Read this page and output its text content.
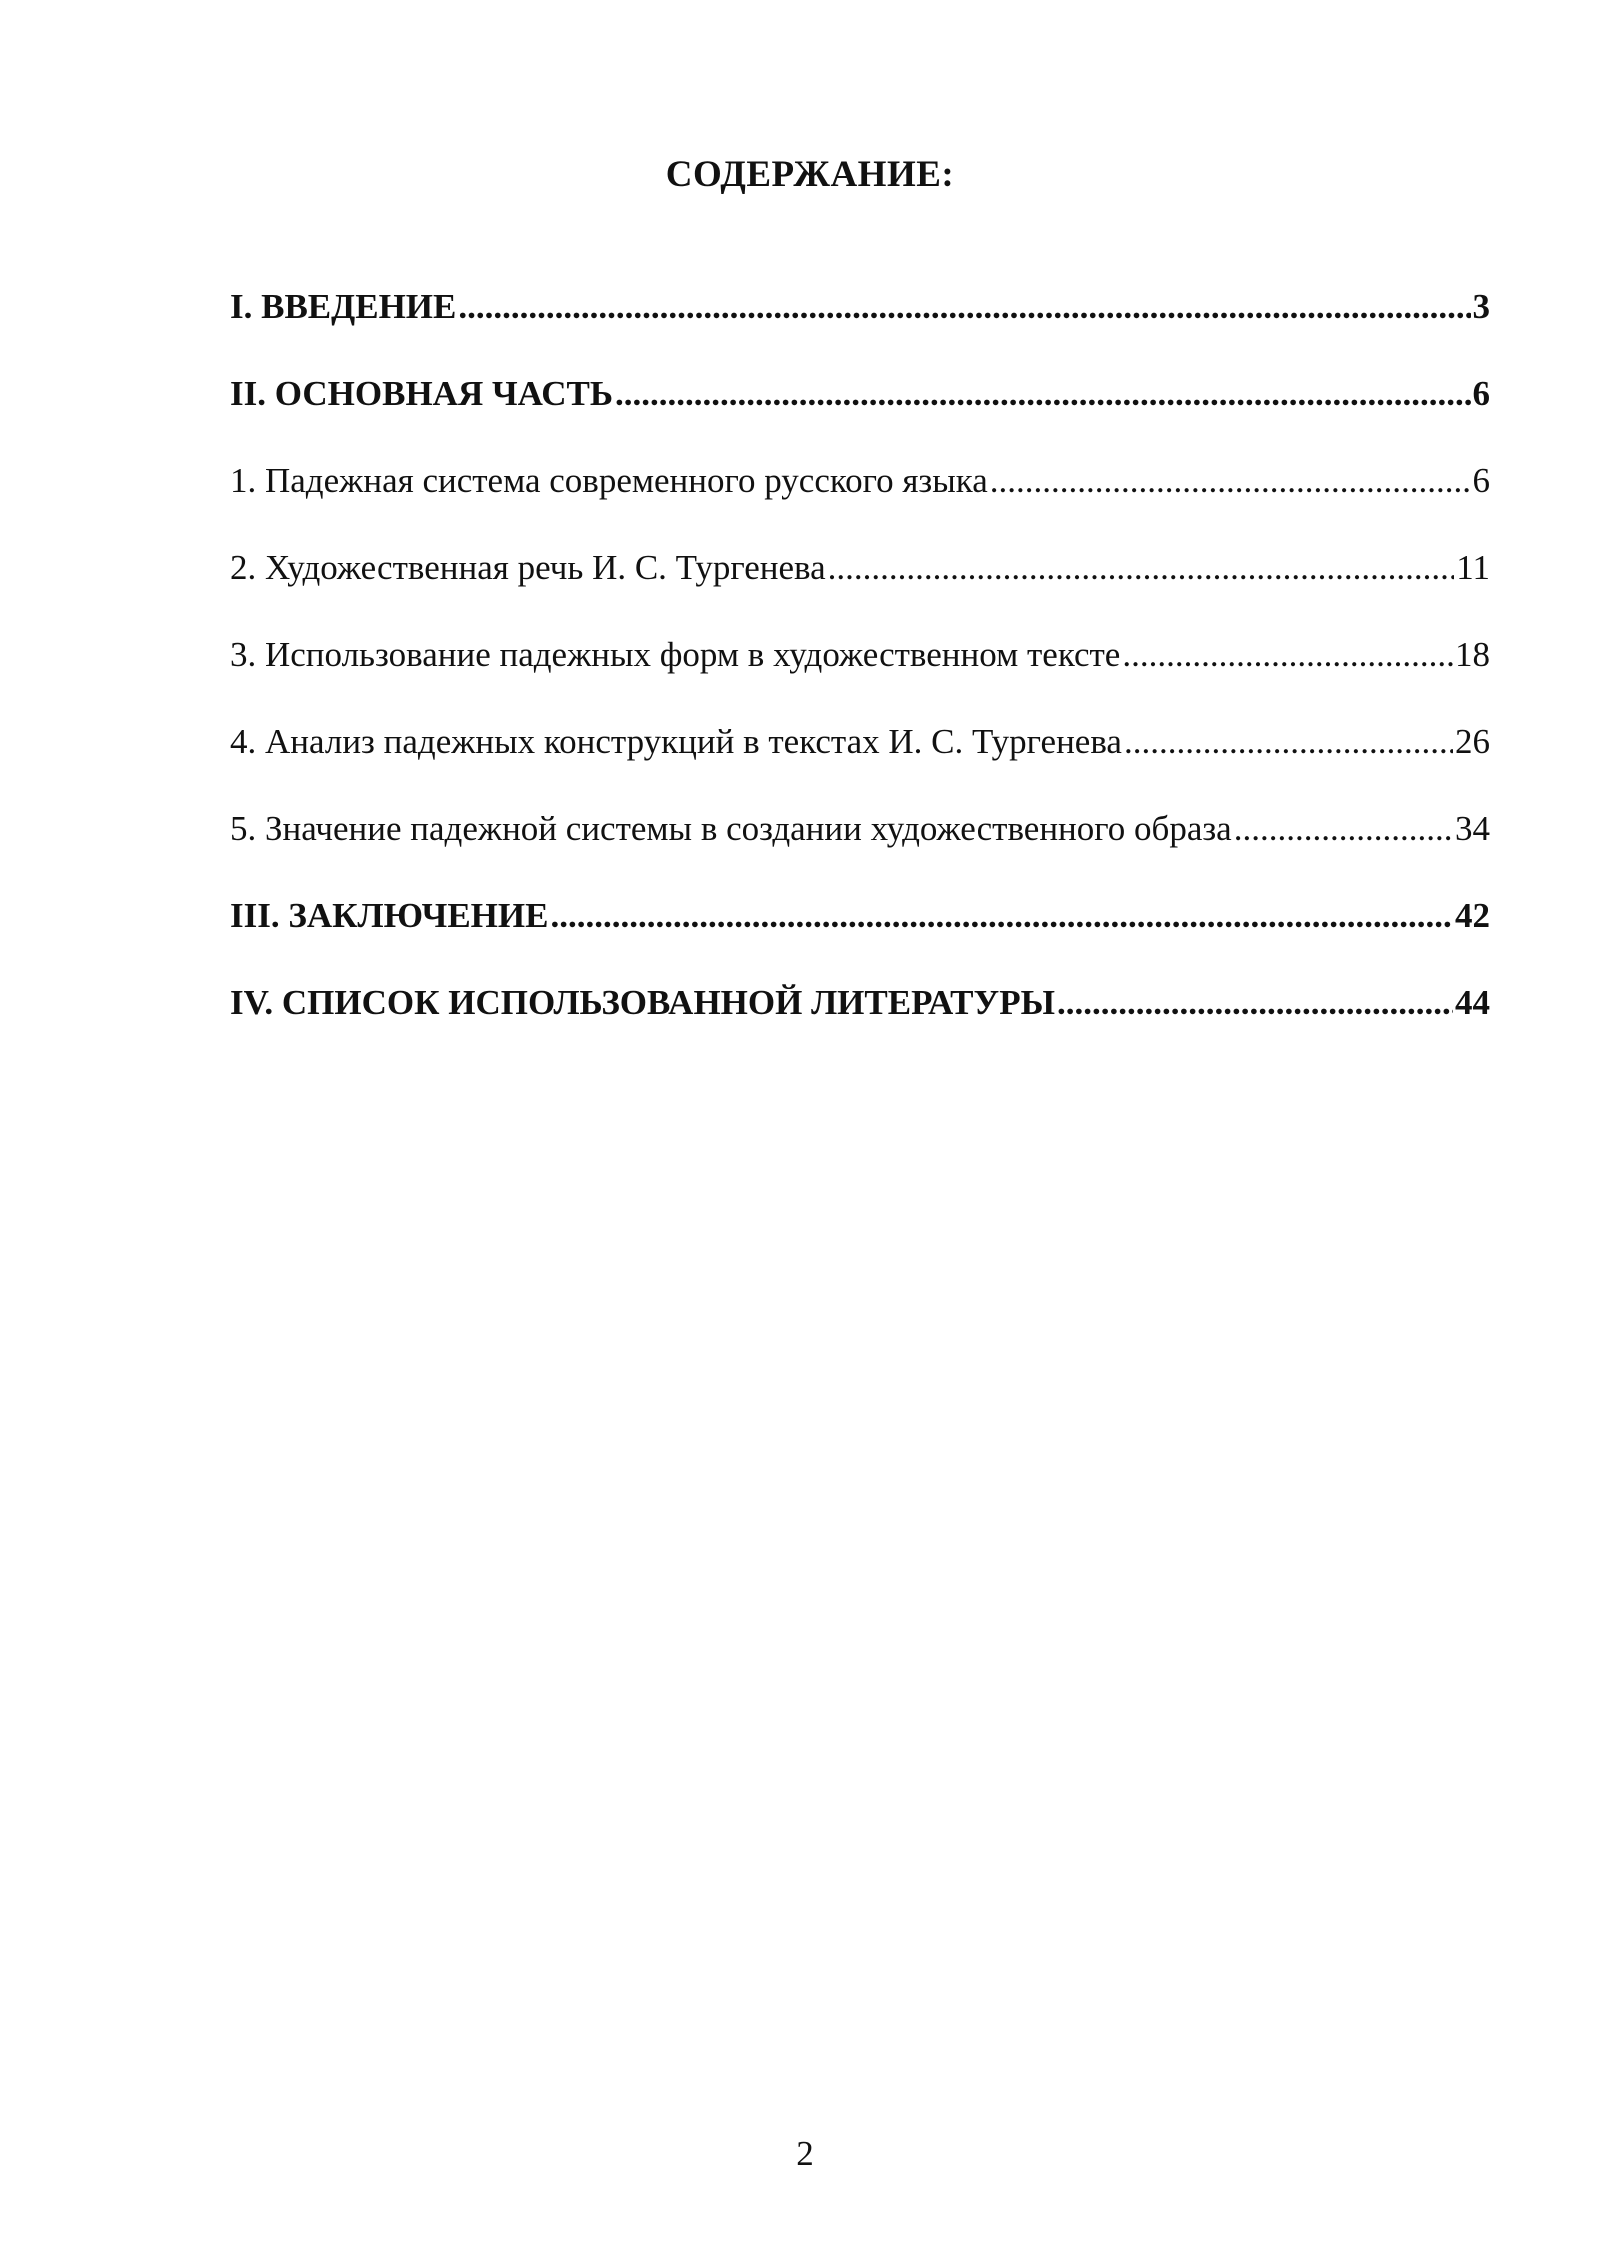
СОДЕРЖАНИЕ:
I. ВВЕДЕНИЕ .....	3
II. ОСНОВНАЯ ЧАСТЬ .....	6
1. Падежная система современного русского языка .....	6
2. Художественная речь И. С. Тургенева .....	11
3. Использование падежных форм в художественном тексте .....	18
4. Анализ падежных конструкций в текстах И. С. Тургенева .....	26
5. Значение падежной системы в создании художественного образа .....	34
III. ЗАКЛЮЧЕНИЕ .....	42
IV. СПИСОК ИСПОЛЬЗОВАННОЙ ЛИТЕРАТУРЫ .....	44
2
